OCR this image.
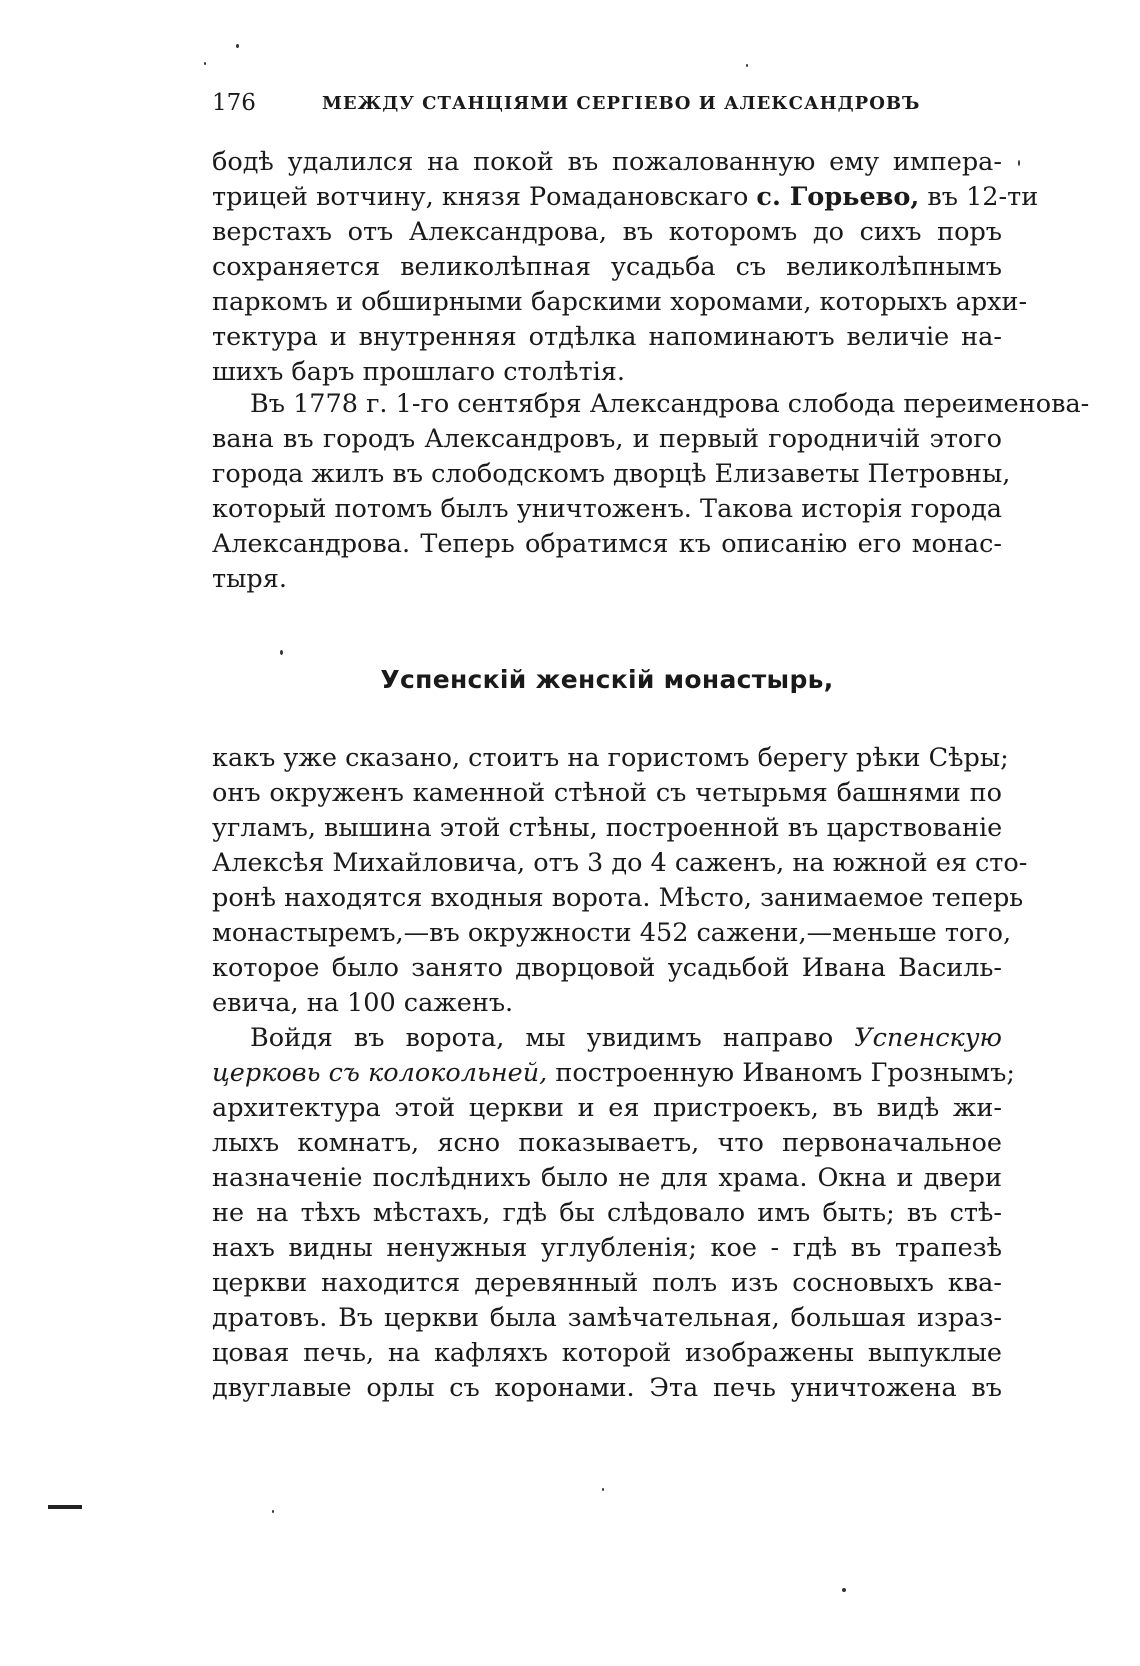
176	МЕЖДУ СТАНЦІЯМИ СЕРГІЕВО И АЛЕКСАНДРОВЪ
бодѣ удалился на покой въ пожалованную ему импера-
трицей вотчину, князя Ромадановскаго с. Горьево, въ 12-ти
верстахъ отъ Александрова, въ которомъ до сихъ поръ
сохраняется великолѣпная усадьба съ великолѣпнымъ
паркомъ и обширными барскими хоромами, которыхъ архи-
тектура и внутренняя отдѣлка напоминаютъ величіе на-
шихъ баръ прошлаго столѣтія.
Въ 1778 г. 1-го сентября Александрова слобода переименова-
вана въ городъ Александровъ, и первый городничій этого
города жилъ въ слободскомъ дворцѣ Елизаветы Петровны,
который потомъ былъ уничтоженъ. Такова исторія города
Александрова. Теперь обратимся къ описанію его монас-
тыря.
Успенскій женскій монастырь,
какъ уже сказано, стоитъ на гористомъ берегу рѣки Сѣры;
онъ окруженъ каменной стѣной съ четырьмя башнями по
угламъ, вышина этой стѣны, построенной въ царствованіе
Алексѣя Михайловича, отъ 3 до 4 саженъ, на южной ея сто-
ронѣ находятся входныя ворота. Мѣсто, занимаемое теперь
монастыремъ,—въ окружности 452 сажени,—меньше того,
которое было занято дворцовой усадьбой Ивана Василь-
евича, на 100 саженъ.
Войдя въ ворота, мы увидимъ направо Успенскую
церковь съ колокольней, построенную Иваномъ Грознымъ;
архитектура этой церкви и ея пристроекъ, въ видѣ жи-
лыхъ комнатъ, ясно показываетъ, что первоначальное
назначеніе послѣднихъ было не для храма. Окна и двери
не на тѣхъ мѣстахъ, гдѣ бы слѣдовало имъ быть; въ стѣ-
нахъ видны ненужныя углубленія; кое - гдѣ въ трапезѣ
церкви находится деревянный полъ изъ сосновыхъ ква-
дратовъ. Въ церкви была замѣчательная, большая израз-
цовая печь, на кафляхъ которой изображены выпуклые
двуглавые орлы съ коронами. Эта печь уничтожена въ
